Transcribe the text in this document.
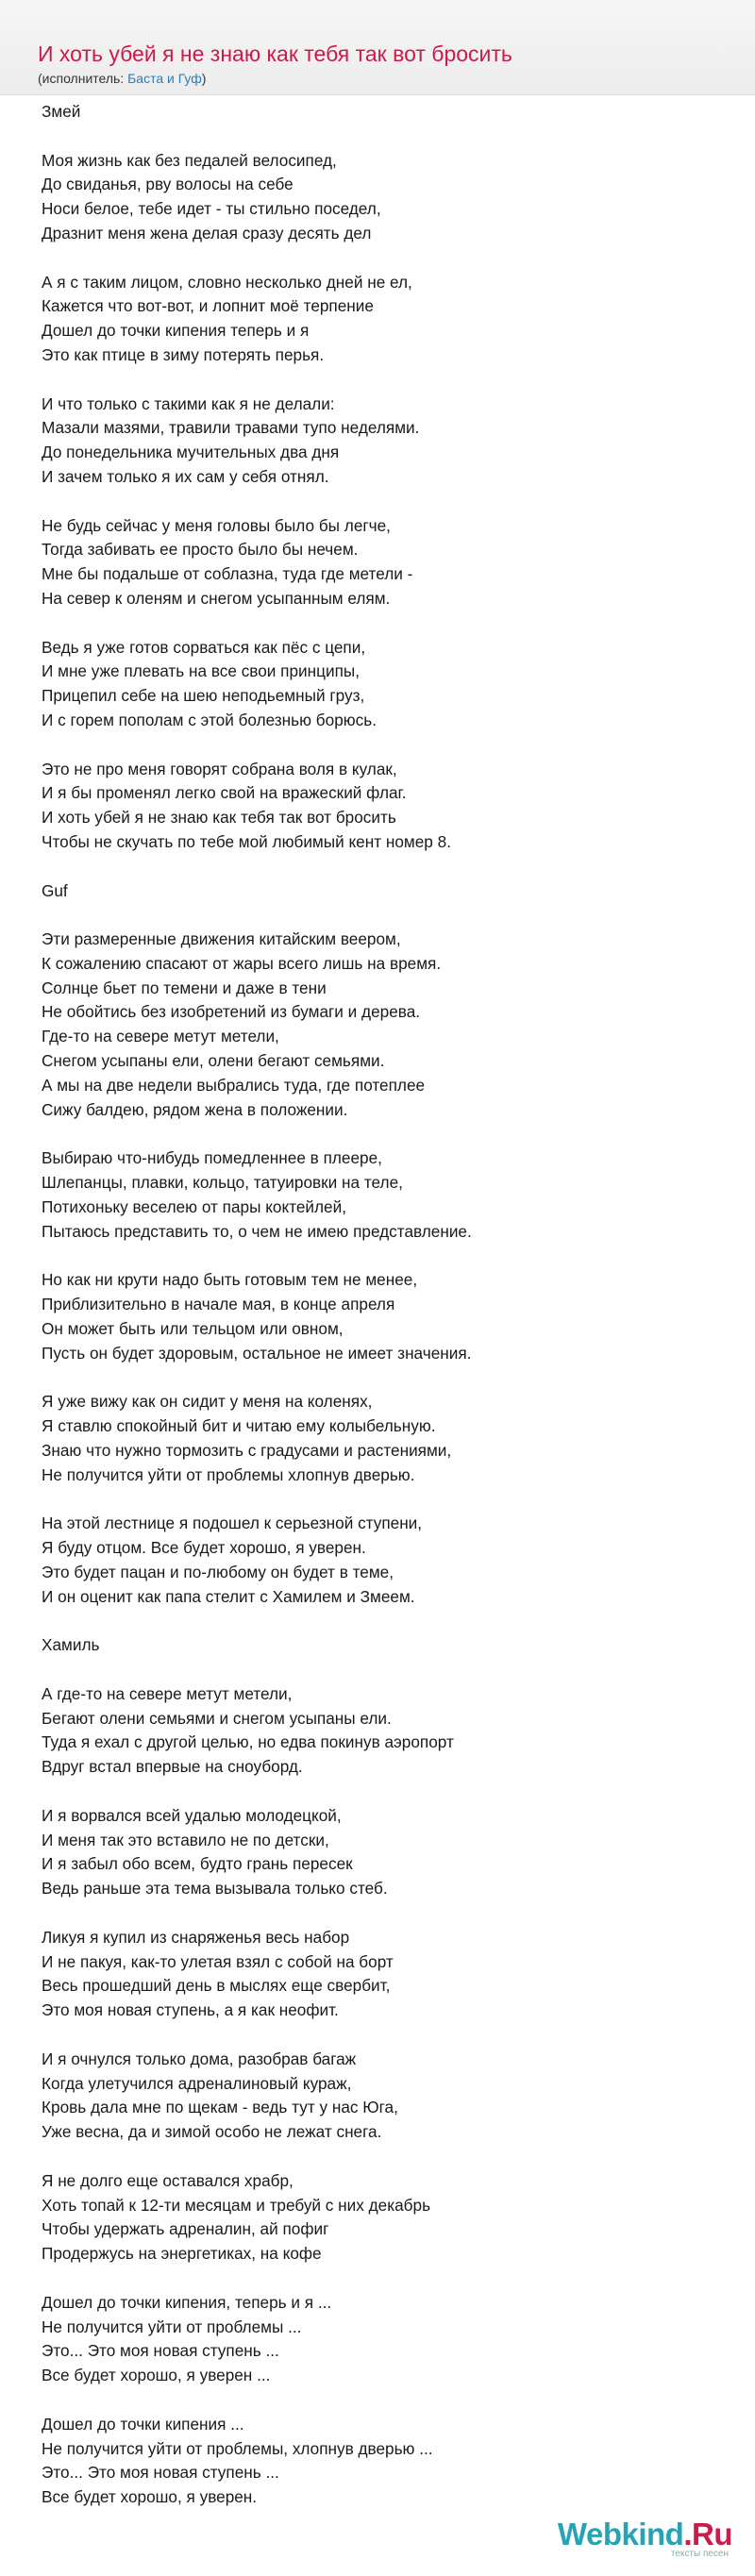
И хоть убей я не знаю как тебя так вот бросить
(исполнитель: Баста и Гуф)
Змей
Моя жизнь как без педалей велосипед,
До свиданья, рву волосы на себе
Носи белое, тебе идет - ты стильно поседел,
Дразнит меня жена делая сразу десять дел
А я с таким лицом, словно несколько дней не ел,
Кажется что вот-вот, и лопнит моё терпение
Дошел до точки кипения теперь и я
Это как птице в зиму потерять перья.
И что только с такими как я не делали:
Мазали мазями, травили травами тупо неделями.
До понедельника мучительных два дня
И зачем только я их сам у себя отнял.
Не будь сейчас у меня головы было бы легче,
Тогда забивать ее просто было бы нечем.
Мне бы подальше от соблазна, туда где метели -
На север к оленям и снегом усыпанным елям.
Ведь я уже готов сорваться как пёс с цепи,
И мне уже плевать на все свои принципы,
Прицепил себе на шею неподьемный груз,
И с горем пополам с этой болезнью борюсь.
Это не про меня говорят собрана воля в кулак,
И я бы променял легко свой на вражеский флаг.
И хоть убей я не знаю как тебя так вот бросить
Чтобы не скучать по тебе мой любимый кент номер 8.
Guf
Эти размеренные движения китайским веером,
К сожалению спасают от жары всего лишь на время.
Солнце бьет по темени и даже в тени
Не обойтись без изобретений из бумаги и дерева.
Где-то на севере метут метели,
Снегом усыпаны ели, олени бегают семьями.
А мы на две недели выбрались туда, где потеплее
Сижу балдею, рядом жена в положении.
Выбираю что-нибудь помедленнее в плеере,
Шлепанцы, плавки, кольцо, татуировки на теле,
Потихоньку веселею от пары коктейлей,
Пытаюсь представить то, о чем не имею представление.
Но как ни крути надо быть готовым тем не менее,
Приблизительно в начале мая, в конце апреля
Он может быть или тельцом или овном,
Пусть он будет здоровым, остальное не имеет значения.
Я уже вижу как он сидит у меня на коленях,
Я ставлю спокойный бит и читаю ему колыбельную.
Знаю что нужно тормозить с градусами и растениями,
Не получится уйти от проблемы хлопнув дверью.
На этой лестнице я подошел к серьезной ступени,
Я буду отцом. Все будет хорошо, я уверен.
Это будет пацан и по-любому он будет в теме,
И он оценит как папа стелит с Хамилем и Змеем.
Хамиль
А где-то на севере метут метели,
Бегают олени семьями и снегом усыпаны ели.
Туда я ехал с другой целью, но едва покинув аэропорт
Вдруг встал впервые на сноуборд.
И я ворвался всей удалью молодецкой,
И меня так это вставило не по детски,
И я забыл обо всем, будто грань пересек
Ведь раньше эта тема вызывала только стеб.
Ликуя я купил из снаряженья весь набор
И не пакуя, как-то улетая взял с собой на борт
Весь прошедший день в мыслях еще свербит,
Это моя новая ступень, а я как неофит.
И я очнулся только дома, разобрав багаж
Когда улетучился адреналиновый кураж,
Кровь дала мне по щекам - ведь тут у нас Юга,
Уже весна, да и зимой особо не лежат снега.
Я не долго еще оставался храбр,
Хоть топай к 12-ти месяцам и требуй с них декабрь
Чтобы удержать адреналин, ай пофиг
Продержусь на энергетиках, на кофе
Дошел до точки кипения, теперь и я ...
Не получится уйти от проблемы ...
Это... Это моя новая ступень ...
Все будет хорошо, я уверен ...
Дошел до точки кипения ...
Не получится уйти от проблемы, хлопнув дверью ...
Это... Это моя новая ступень ...
Все будет хорошо, я уверен.
Webkind.Ru
тексты песен
